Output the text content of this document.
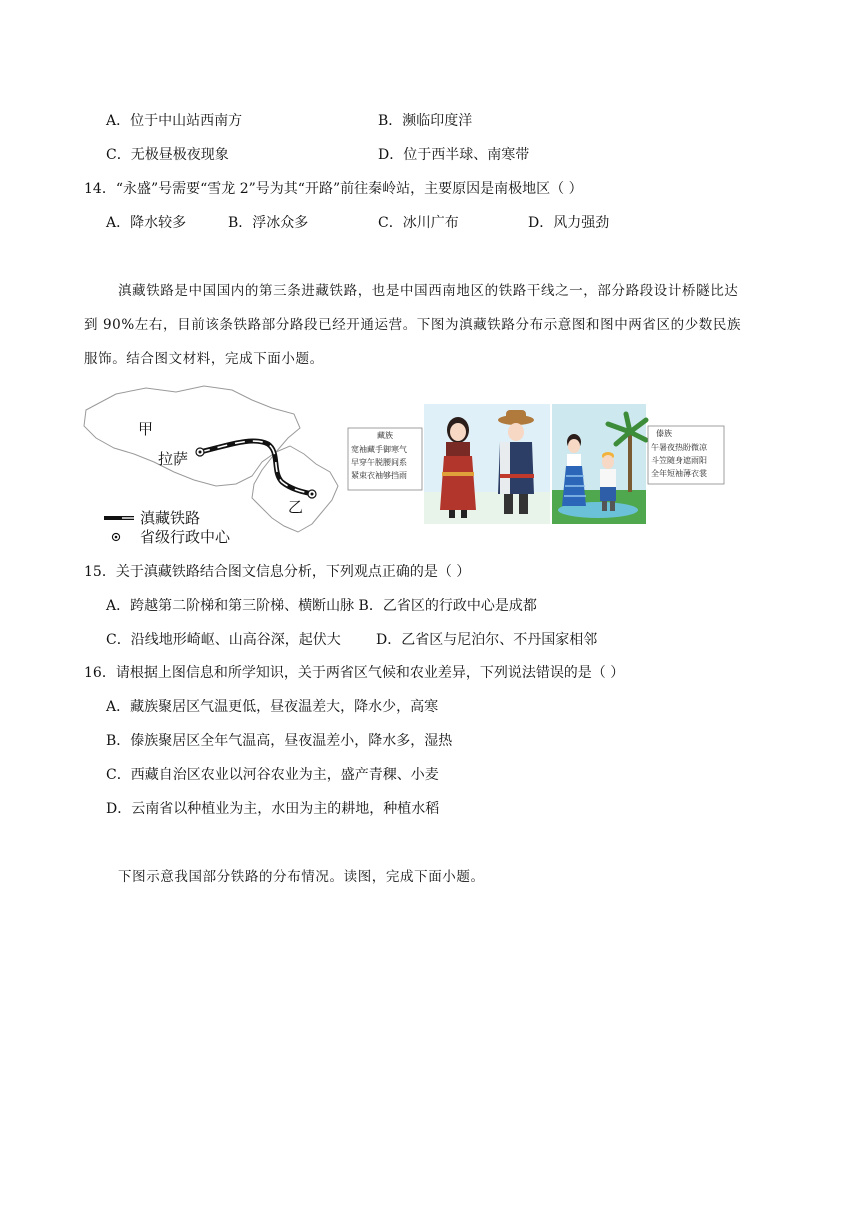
A．位于中山站西南方	B．濒临印度洋
C．无极昼极夜现象	D．位于西半球、南寒带
14．“永盛”号需要“雪龙 2”号为其“开路”前往秦岭站，主要原因是南极地区（ ）
A．降水较多	B．浮冰众多	C．冰川广布	D．风力强劲
滇藏铁路是中国国内的第三条进藏铁路，也是中国西南地区的铁路干线之一，部分路段设计桥隧比达
到 90%左右，目前该条铁路部分路段已经开通运营。下图为滇藏铁路分布示意图和图中两省区的少数民族
服饰。结合图文材料，完成下面小题。
甲
拉萨
乙
滇藏铁路
省级行政中心
藏族
宽袖藏手御寒气
早穿午脱腰间系
紧束衣袖够挡雨
傣族
午暑夜热盼微凉
斗笠随身遮雨阳
全年短袖薄衣裳
15．关于滇藏铁路结合图文信息分析，下列观点正确的是（ ）
A．跨越第二阶梯和第三阶梯、横断山脉 B．乙省区的行政中心是成都
C．沿线地形崎岖、山高谷深，起伏大	D．乙省区与尼泊尔、不丹国家相邻
16．请根据上图信息和所学知识，关于两省区气候和农业差异，下列说法错误的是（ ）
A．藏族聚居区气温更低，昼夜温差大，降水少，高寒
B．傣族聚居区全年气温高，昼夜温差小，降水多，湿热
C．西藏自治区农业以河谷农业为主，盛产青稞、小麦
D．云南省以种植业为主，水田为主的耕地，种植水稻
下图示意我国部分铁路的分布情况。读图，完成下面小题。
